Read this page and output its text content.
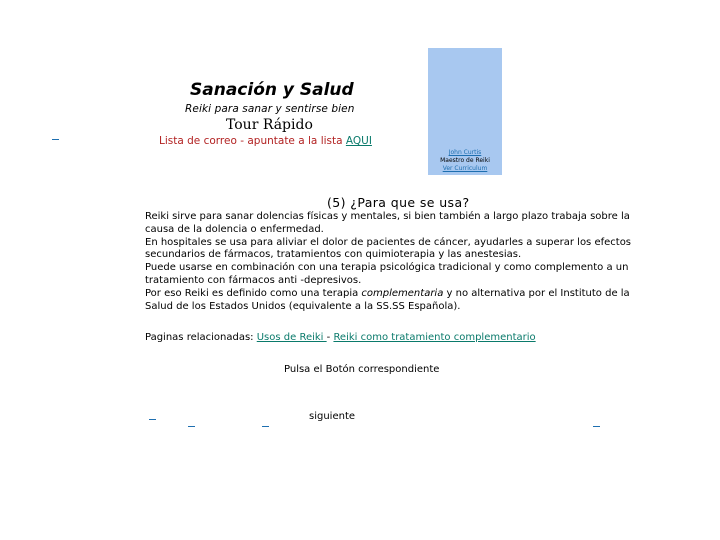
Sanación y Salud
Reiki para sanar y sentirse bien
Tour Rápido
Lista de correo - apuntate a la lista AQUI
John Curtis
Maestro de Reiki
Ver Curriculum
(5) ¿Para que se usa?

Reiki sirve para sanar dolencias físicas y mentales, si bien también a largo plazo trabaja sobre la causa de la dolencia o enfermedad.

En hospitales se usa para aliviar el dolor de pacientes de cáncer, ayudarles a superar los efectos secundarios de fármacos, tratamientos con quimioterapia y las anestesias.

Puede usarse en combinación con una terapia psicológica tradicional y como complemento a un tratamiento con fármacos anti -depresivos.

Por eso Reiki es definido como una terapia complementaria y no alternativa por el Instituto de la Salud de los Estados Unidos (equivalente a la SS.SS Española).

Paginas relacionadas: Usos de Reiki - Reiki como tratamiento complementario
Pulsa el Botón correspondiente
siguiente
